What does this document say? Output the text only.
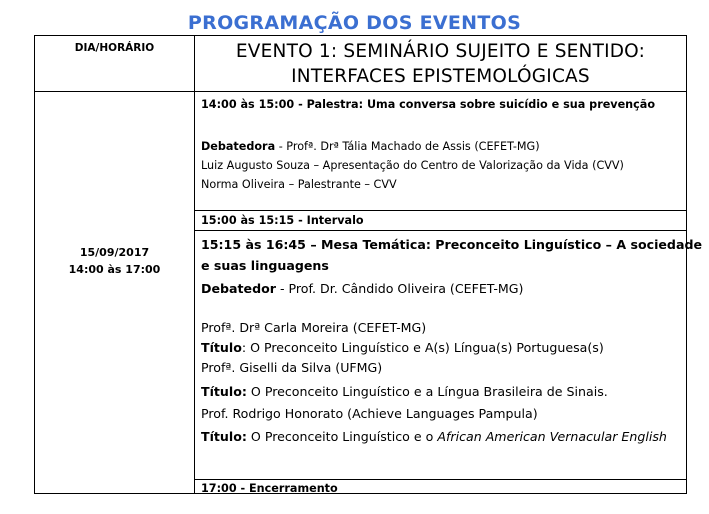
PROGRAMAÇÃO DOS EVENTOS
DIA/HORÁRIO
15/09/2017
14:00 às 17:00
EVENTO 1: SEMINÁRIO SUJEITO E SENTIDO:
INTERFACES EPISTEMOLÓGICAS
14:00 às 15:00 - Palestra: Uma conversa sobre suicídio e sua prevenção
Debatedora - Profª. Drª Tália Machado de Assis (CEFET-MG)
Luiz Augusto Souza – Apresentação do Centro de Valorização da Vida (CVV)
Norma Oliveira – Palestrante – CVV
15:00 às 15:15 - Intervalo
15:15 às 16:45 – Mesa Temática: Preconceito Linguístico – A sociedade
e suas linguagens
Debatedor - Prof. Dr. Cândido Oliveira (CEFET-MG)
Profª. Drª Carla Moreira (CEFET-MG)
Título: O Preconceito Linguístico e A(s) Língua(s) Portuguesa(s)
Profª. Giselli da Silva (UFMG)
Título: O Preconceito Linguístico e a Língua Brasileira de Sinais.
Prof. Rodrigo Honorato (Achieve Languages Pampula)
Título: O Preconceito Linguístico e o African American Vernacular English
17:00 - Encerramento
